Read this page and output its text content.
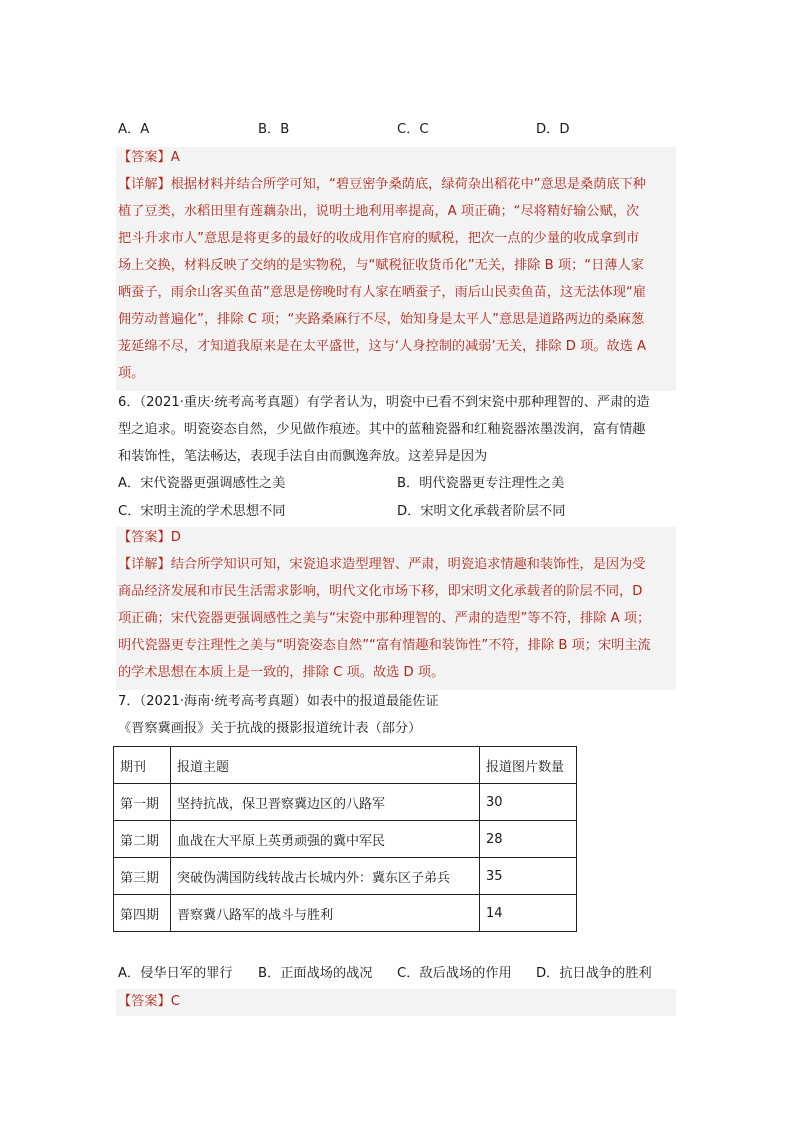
A．A	B．B	C．C	D．D
【答案】A
【详解】根据材料并结合所学可知，“碧豆密争桑荫底，绿荷杂出稻花中”意思是桑荫底下种
植了豆类，水稻田里有莲藕杂出，说明土地利用率提高，A 项正确；“尽将精好输公赋，次
把斗升求市人”意思是将更多的最好的收成用作官府的赋税，把次一点的少量的收成拿到市
场上交换，材料反映了交纳的是实物税，与“赋税征收货币化”无关，排除 B 项；“日薄人家
晒蚕子，雨余山客买鱼苗”意思是傍晚时有人家在晒蚕子，雨后山民卖鱼苗，这无法体现“雇
佣劳动普遍化”，排除 C 项；“夹路桑麻行不尽，始知身是太平人”意思是道路两边的桑麻葱
茏延绵不尽，才知道我原来是在太平盛世，这与‘人身控制的减弱’无关，排除 D 项。故选 A
项。
6．（2021·重庆·统考高考真题）有学者认为，明瓷中已看不到宋瓷中那种理智的、严肃的造
型之追求。明瓷姿态自然，少见做作痕迹。其中的蓝釉瓷器和红釉瓷器浓墨泼润，富有情趣
和装饰性，笔法畅达，表现手法自由而飘逸奔放。这差异是因为
A．宋代瓷器更强调感性之美	B．明代瓷器更专注理性之美
C．宋明主流的学术思想不同	D．宋明文化承载者阶层不同
【答案】D
【详解】结合所学知识可知，宋瓷追求造型理智、严肃，明瓷追求情趣和装饰性，是因为受
商品经济发展和市民生活需求影响，明代文化市场下移，即宋明文化承载者的阶层不同，D
项正确；宋代瓷器更强调感性之美与“宋瓷中那种理智的、严肃的造型”等不符，排除 A 项；
明代瓷器更专注理性之美与“明瓷姿态自然”“富有情趣和装饰性”不符，排除 B 项；宋明主流
的学术思想在本质上是一致的，排除 C 项。故选 D 项。
7．（2021·海南·统考高考真题）如表中的报道最能佐证
《晋察冀画报》关于抗战的摄影报道统计表（部分）
期刊	报道主题	报道图片数量
第一期	坚持抗战，保卫晋察冀边区的八路军	30
第二期	血战在大平原上英勇顽强的冀中军民	28
第三期	突破伪满国防线转战古长城内外：冀东区子弟兵	35
第四期	晋察冀八路军的战斗与胜利	14
A．侵华日军的罪行 B．正面战场的战况 C．敌后战场的作用 D．抗日战争的胜利
【答案】C
